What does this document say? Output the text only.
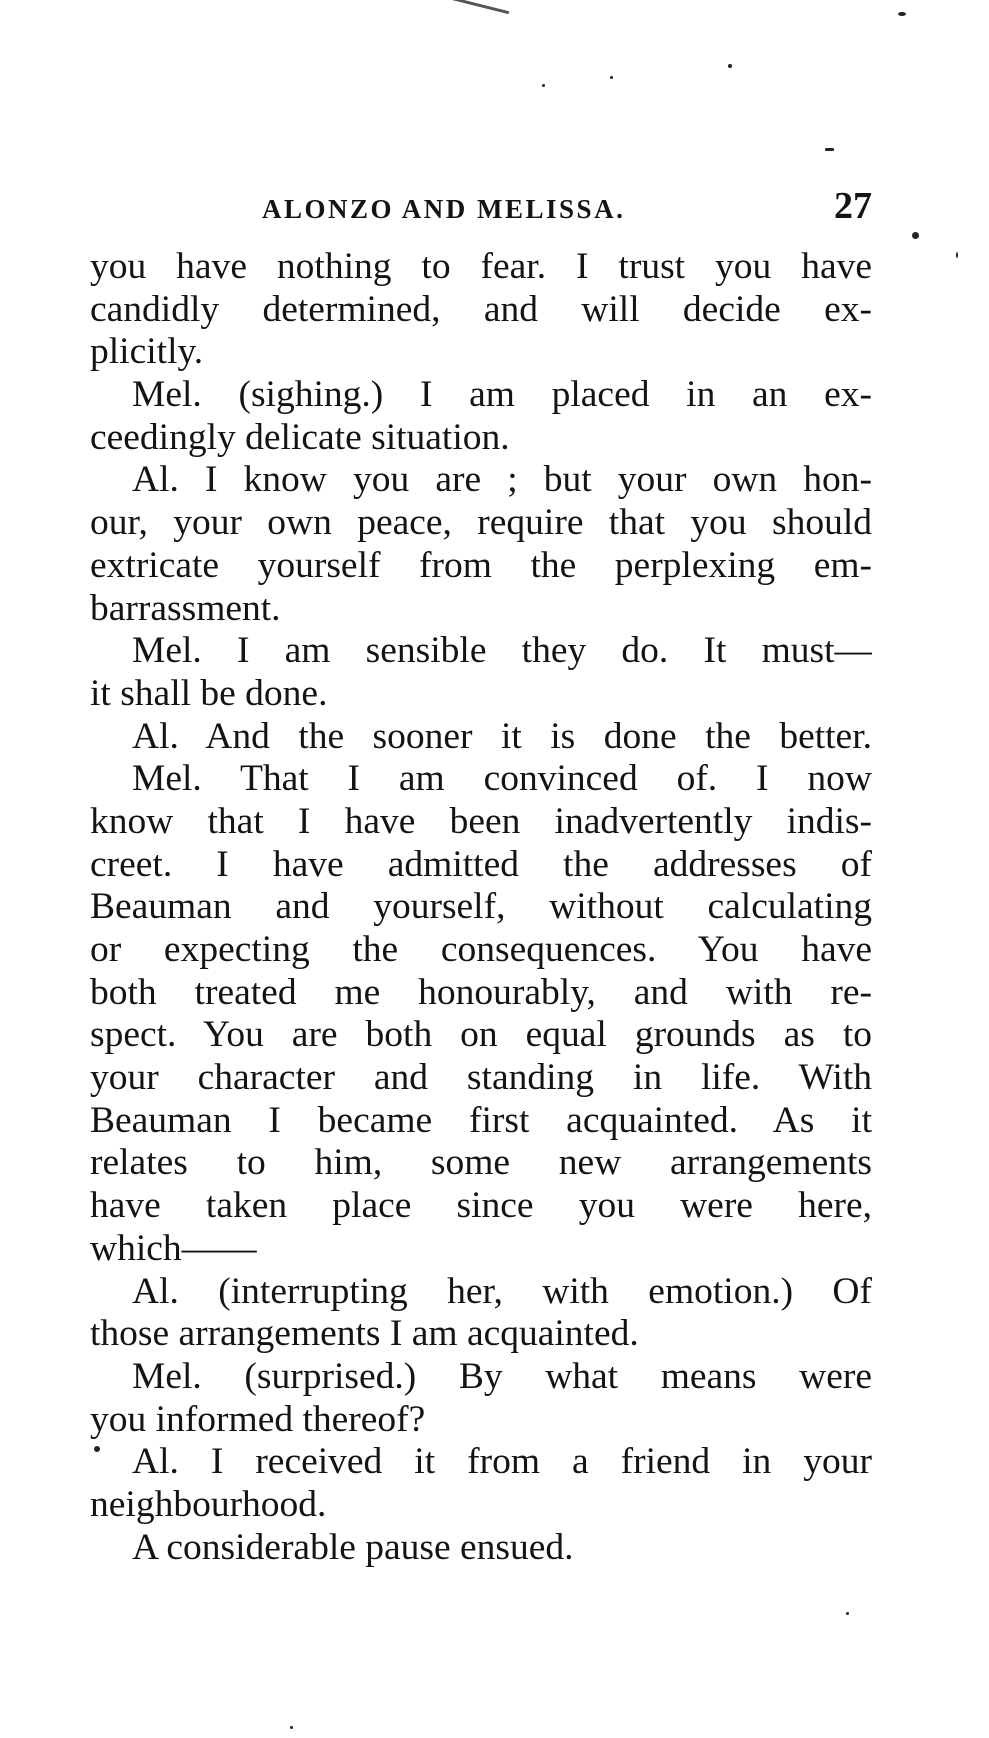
ALONZO AND MELISSA.	27
you have nothing to fear. I trust you have
candidly determined, and will decide ex-
plicitly.
Mel. (sighing.) I am placed in an ex-
ceedingly delicate situation.
Al. I know you are ; but your own hon-
our, your own peace, require that you should
extricate yourself from the perplexing em-
barrassment.
Mel. I am sensible they do. It must—
it shall be done.
Al. And the sooner it is done the better.
Mel. That I am convinced of. I now
know that I have been inadvertently indis-
creet. I have admitted the addresses of
Beauman and yourself, without calculating
or expecting the consequences. You have
both treated me honourably, and with re-
spect. You are both on equal grounds as to
your character and standing in life. With
Beauman I became first acquainted. As it
relates to him, some new arrangements
have taken place since you were here,
which——
Al. (interrupting her, with emotion.) Of
those arrangements I am acquainted.
Mel. (surprised.) By what means were
you informed thereof?
Al. I received it from a friend in your
neighbourhood.
A considerable pause ensued.
